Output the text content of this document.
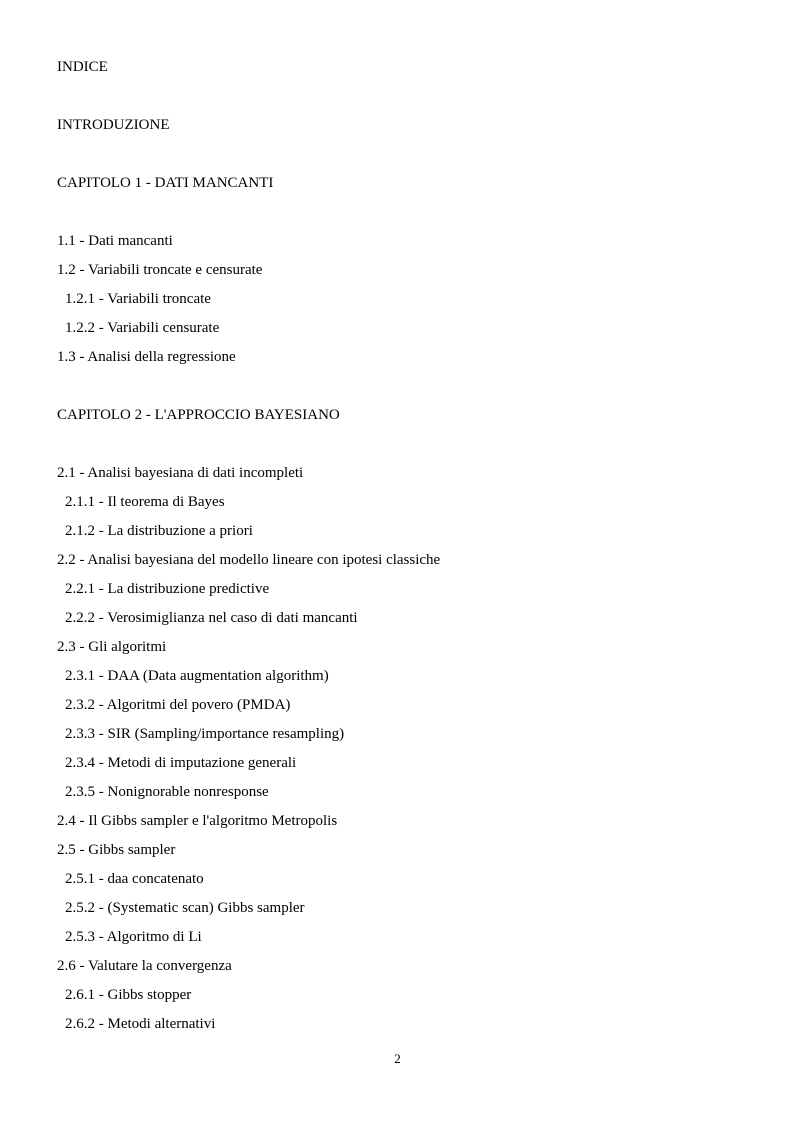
INDICE
INTRODUZIONE
CAPITOLO 1 - DATI MANCANTI
1.1 - Dati mancanti
1.2 - Variabili troncate e censurate
1.2.1 - Variabili troncate
1.2.2 - Variabili censurate
1.3 - Analisi della regressione
CAPITOLO 2 - L'APPROCCIO BAYESIANO
2.1 - Analisi bayesiana di dati incompleti
2.1.1 - Il teorema di Bayes
2.1.2 - La distribuzione a priori
2.2 - Analisi bayesiana del modello lineare con ipotesi classiche
2.2.1 - La distribuzione predictive
2.2.2 - Verosimiglianza nel caso di dati mancanti
2.3 - Gli algoritmi
2.3.1 - DAA (Data augmentation algorithm)
2.3.2 - Algoritmi del povero (PMDA)
2.3.3 - SIR (Sampling/importance resampling)
2.3.4 - Metodi di imputazione generali
2.3.5 - Nonignorable nonresponse
2.4 - Il Gibbs sampler e l'algoritmo Metropolis
2.5 - Gibbs sampler
2.5.1 - daa concatenato
2.5.2 - (Systematic scan) Gibbs sampler
2.5.3 - Algoritmo di Li
2.6 - Valutare la convergenza
2.6.1 - Gibbs stopper
2.6.2 - Metodi alternativi
2
